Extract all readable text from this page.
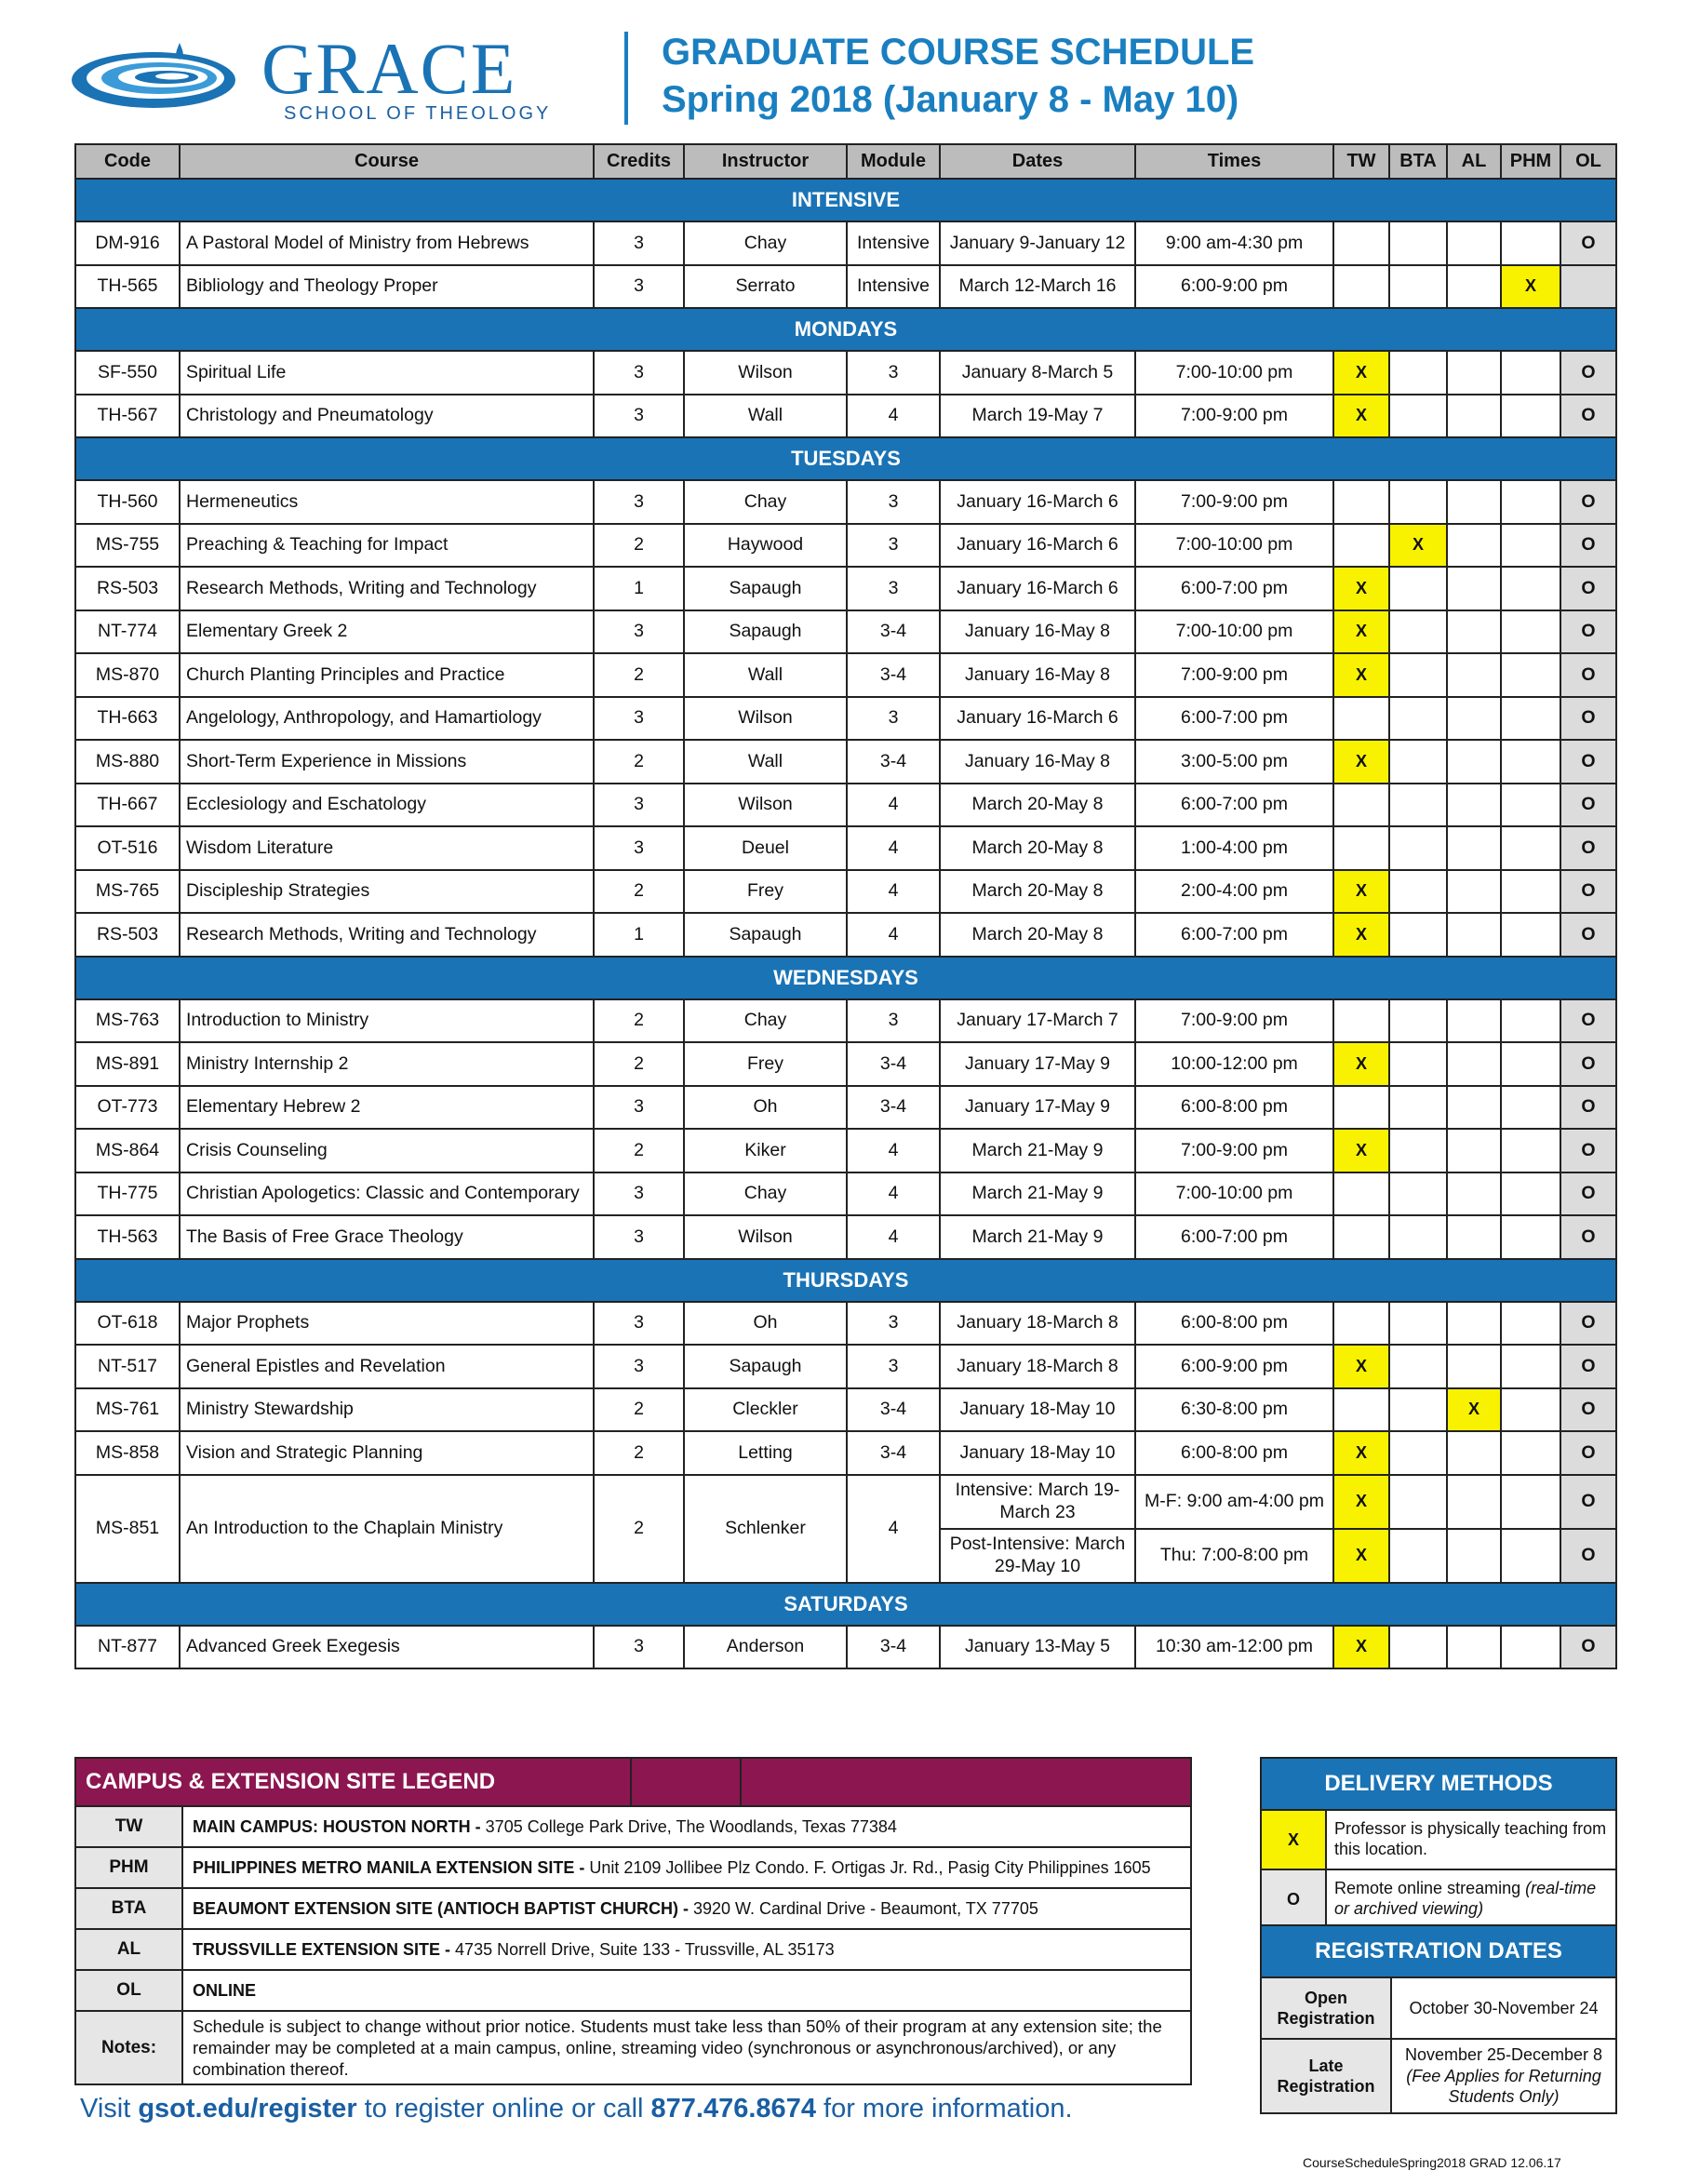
GRACE
SCHOOL OF THEOLOGY
GRADUATE COURSE SCHEDULE
Spring 2018 (January 8 - May 10)
Code	Course	Credits	Instructor	Module	Dates	Times	TW	BTA	AL	PHM	OL
INTENSIVE											
DM-916	A Pastoral Model of Ministry from Hebrews	3	Chay	Intensive	January 9-January 12	9:00 am-4:30 pm					O
TH-565	Bibliology and Theology Proper	3	Serrato	Intensive	March 12-March 16	6:00-9:00 pm				X	
MONDAYS											
SF-550	Spiritual Life	3	Wilson	3	January 8-March 5	7:00-10:00 pm	X				O
TH-567	Christology and Pneumatology	3	Wall	4	March 19-May 7	7:00-9:00 pm	X				O
TUESDAYS											
TH-560	Hermeneutics	3	Chay	3	January 16-March 6	7:00-9:00 pm					O
MS-755	Preaching & Teaching for Impact	2	Haywood	3	January 16-March 6	7:00-10:00 pm		X			O
RS-503	Research Methods, Writing and Technology	1	Sapaugh	3	January 16-March 6	6:00-7:00 pm	X				O
NT-774	Elementary Greek 2	3	Sapaugh	3-4	January 16-May 8	7:00-10:00 pm	X				O
MS-870	Church Planting Principles and Practice	2	Wall	3-4	January 16-May 8	7:00-9:00 pm	X				O
TH-663	Angelology, Anthropology, and Hamartiology	3	Wilson	3	January 16-March 6	6:00-7:00 pm					O
MS-880	Short-Term Experience in Missions	2	Wall	3-4	January 16-May 8	3:00-5:00 pm	X				O
TH-667	Ecclesiology and Eschatology	3	Wilson	4	March 20-May 8	6:00-7:00 pm					O
OT-516	Wisdom Literature	3	Deuel	4	March 20-May 8	1:00-4:00 pm					O
MS-765	Discipleship Strategies	2	Frey	4	March 20-May 8	2:00-4:00 pm	X				O
RS-503	Research Methods, Writing and Technology	1	Sapaugh	4	March 20-May 8	6:00-7:00 pm	X				O
WEDNESDAYS											
MS-763	Introduction to Ministry	2	Chay	3	January 17-March 7	7:00-9:00 pm					O
MS-891	Ministry Internship 2	2	Frey	3-4	January 17-May 9	10:00-12:00 pm	X				O
OT-773	Elementary Hebrew 2	3	Oh	3-4	January 17-May 9	6:00-8:00 pm					O
MS-864	Crisis Counseling	2	Kiker	4	March 21-May 9	7:00-9:00 pm	X				O
TH-775	Christian Apologetics: Classic and Contemporary	3	Chay	4	March 21-May 9	7:00-10:00 pm					O
TH-563	The Basis of Free Grace Theology	3	Wilson	4	March 21-May 9	6:00-7:00 pm					O
THURSDAYS											
OT-618	Major Prophets	3	Oh	3	January 18-March 8	6:00-8:00 pm					O
NT-517	General Epistles and Revelation	3	Sapaugh	3	January 18-March 8	6:00-9:00 pm	X				O
MS-761	Ministry Stewardship	2	Cleckler	3-4	January 18-May 10	6:30-8:00 pm			X		O
MS-858	Vision and Strategic Planning	2	Letting	3-4	January 18-May 10	6:00-8:00 pm	X				O
MS-851	An Introduction to the Chaplain Ministry	2	Schlenker	4	Intensive: March 19-March 23	M-F: 9:00 am-4:00 pm	X				O
					Post-Intensive: March 29-May 10	Thu: 7:00-8:00 pm	X				O
SATURDAYS											
NT-877	Advanced Greek Exegesis	3	Anderson	3-4	January 13-May 5	10:30 am-12:00 pm	X				O
CAMPUS & EXTENSION SITE LEGEND			
TW	MAIN CAMPUS: HOUSTON NORTH - 3705 College Park Drive, The Woodlands, Texas 77384		
PHM	PHILIPPINES METRO MANILA EXTENSION SITE - Unit 2109 Jollibee Plz Condo. F. Ortigas Jr. Rd., Pasig City Philippines 1605		
BTA	BEAUMONT EXTENSION SITE (ANTIOCH BAPTIST CHURCH) - 3920 W. Cardinal Drive - Beaumont, TX 77705		
AL	TRUSSVILLE EXTENSION SITE - 4735 Norrell Drive, Suite 133 - Trussville, AL 35173		
OL	ONLINE		
Notes:	Schedule is subject to change without prior notice. Students must take less than 50% of their program at any extension site; the remainder may be completed at a main campus, online, streaming video (synchronous or asynchronous/archived), or any combination thereof.		
Visit gsot.edu/register to register online or call 877.476.8674 for more information.
DELIVERY METHODS	
X	Professor is physically teaching from this location.
O	Remote online streaming (real-time or archived viewing)
REGISTRATION DATES	
Open Registration	October 30-November 24
Late Registration	November 25-December 8
(Fee Applies for Returning Students Only)
CourseScheduleSpring2018 GRAD 12.06.17
